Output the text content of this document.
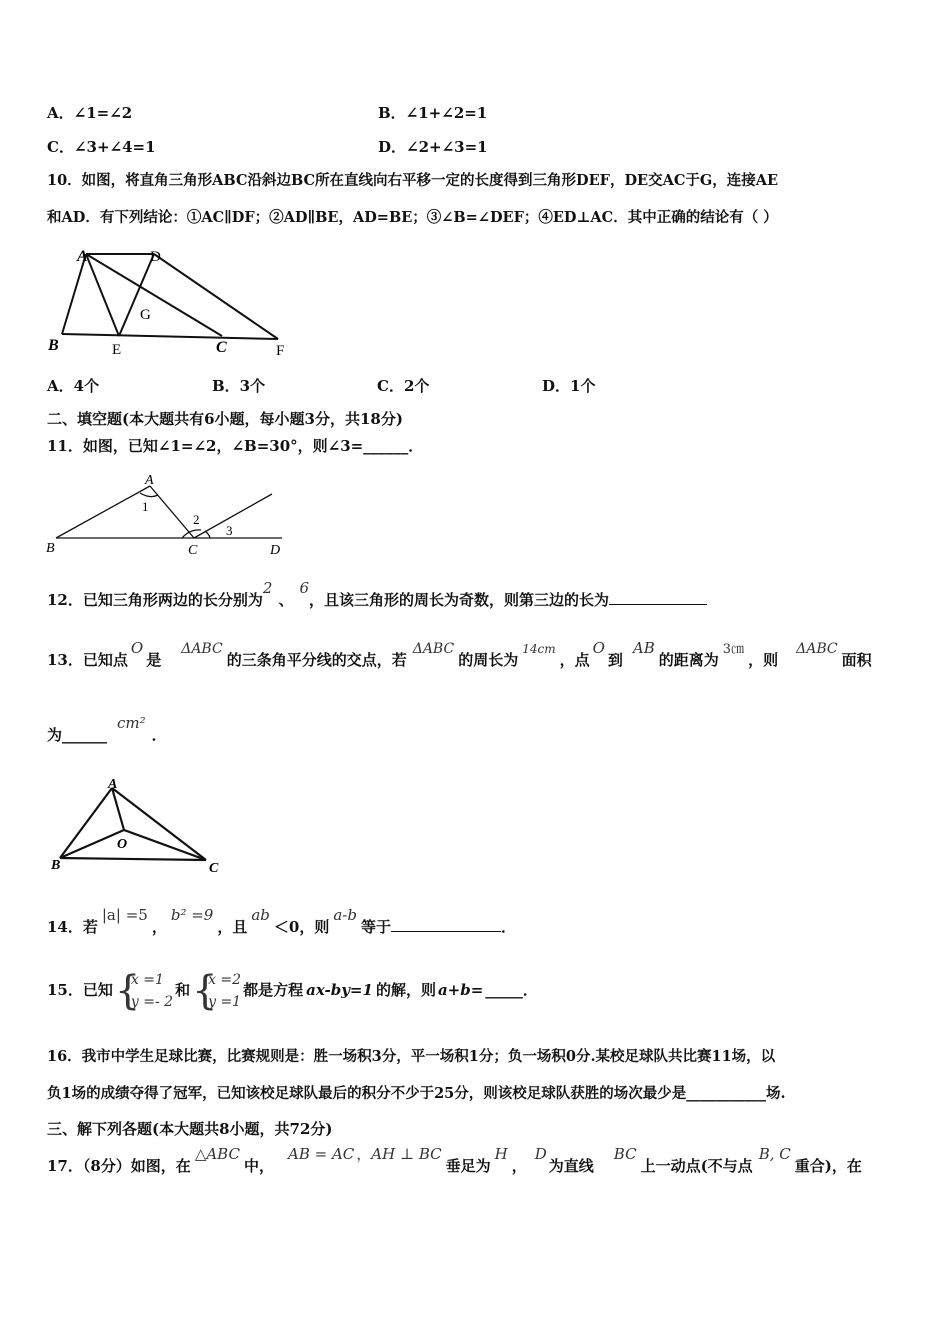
A．∠1=∠2	B．∠1+∠2=1
C．∠3+∠4=1	D．∠2+∠3=1
10．如图，将直角三角形ABC沿斜边BC所在直线向右平移一定的长度得到三角形DEF，DE交AC于G，连接AE
和AD．有下列结论：①AC∥DF；②AD∥BE，AD=BE；③∠B=∠DEF；④ED⊥AC．其中正确的结论有（ ）
A	D
G
B	E	C	F
A．4个	B．3个	C．2个	D．1个
二、填空题(本大题共有6小题，每小题3分，共18分)
11．如图，已知∠1=∠2，∠B=30°，则∠3=______．
A
B	C	D
1
2
3
12．已知三角形两边的长分别为2、6，且该三角形的周长为奇数，则第三边的长为
13．已知点O是ΔABC的三条角平分线的交点，若ΔABC的周长为$^{14cm}$，点O到AB的距离为3㎝，则ΔABC面积
为______cm²．
A
B	C
O
14．若|a| =5，b² =9，且ab＜0，则a-b等于	．
15．已知 {
x =1
y =- 2
和 {
x =2
y =1
都是方程 ax-by=1 的解，则 a+b= _____．
16．我市中学生足球比赛，比赛规则是：胜一场积3分，平一场积1分；负一场积0分.某校足球队共比赛11场，以
负1场的成绩夺得了冠军，已知该校足球队最后的积分不少于25分，则该校足球队获胜的场次最少是___________场.
三、解下列各题(本大题共8小题，共72分)
17．（8分）如图，在△ABC中，AB = AC ，AH ⊥ BC垂足为H，D为直线BC上一动点(不与点B, C重合)，在
